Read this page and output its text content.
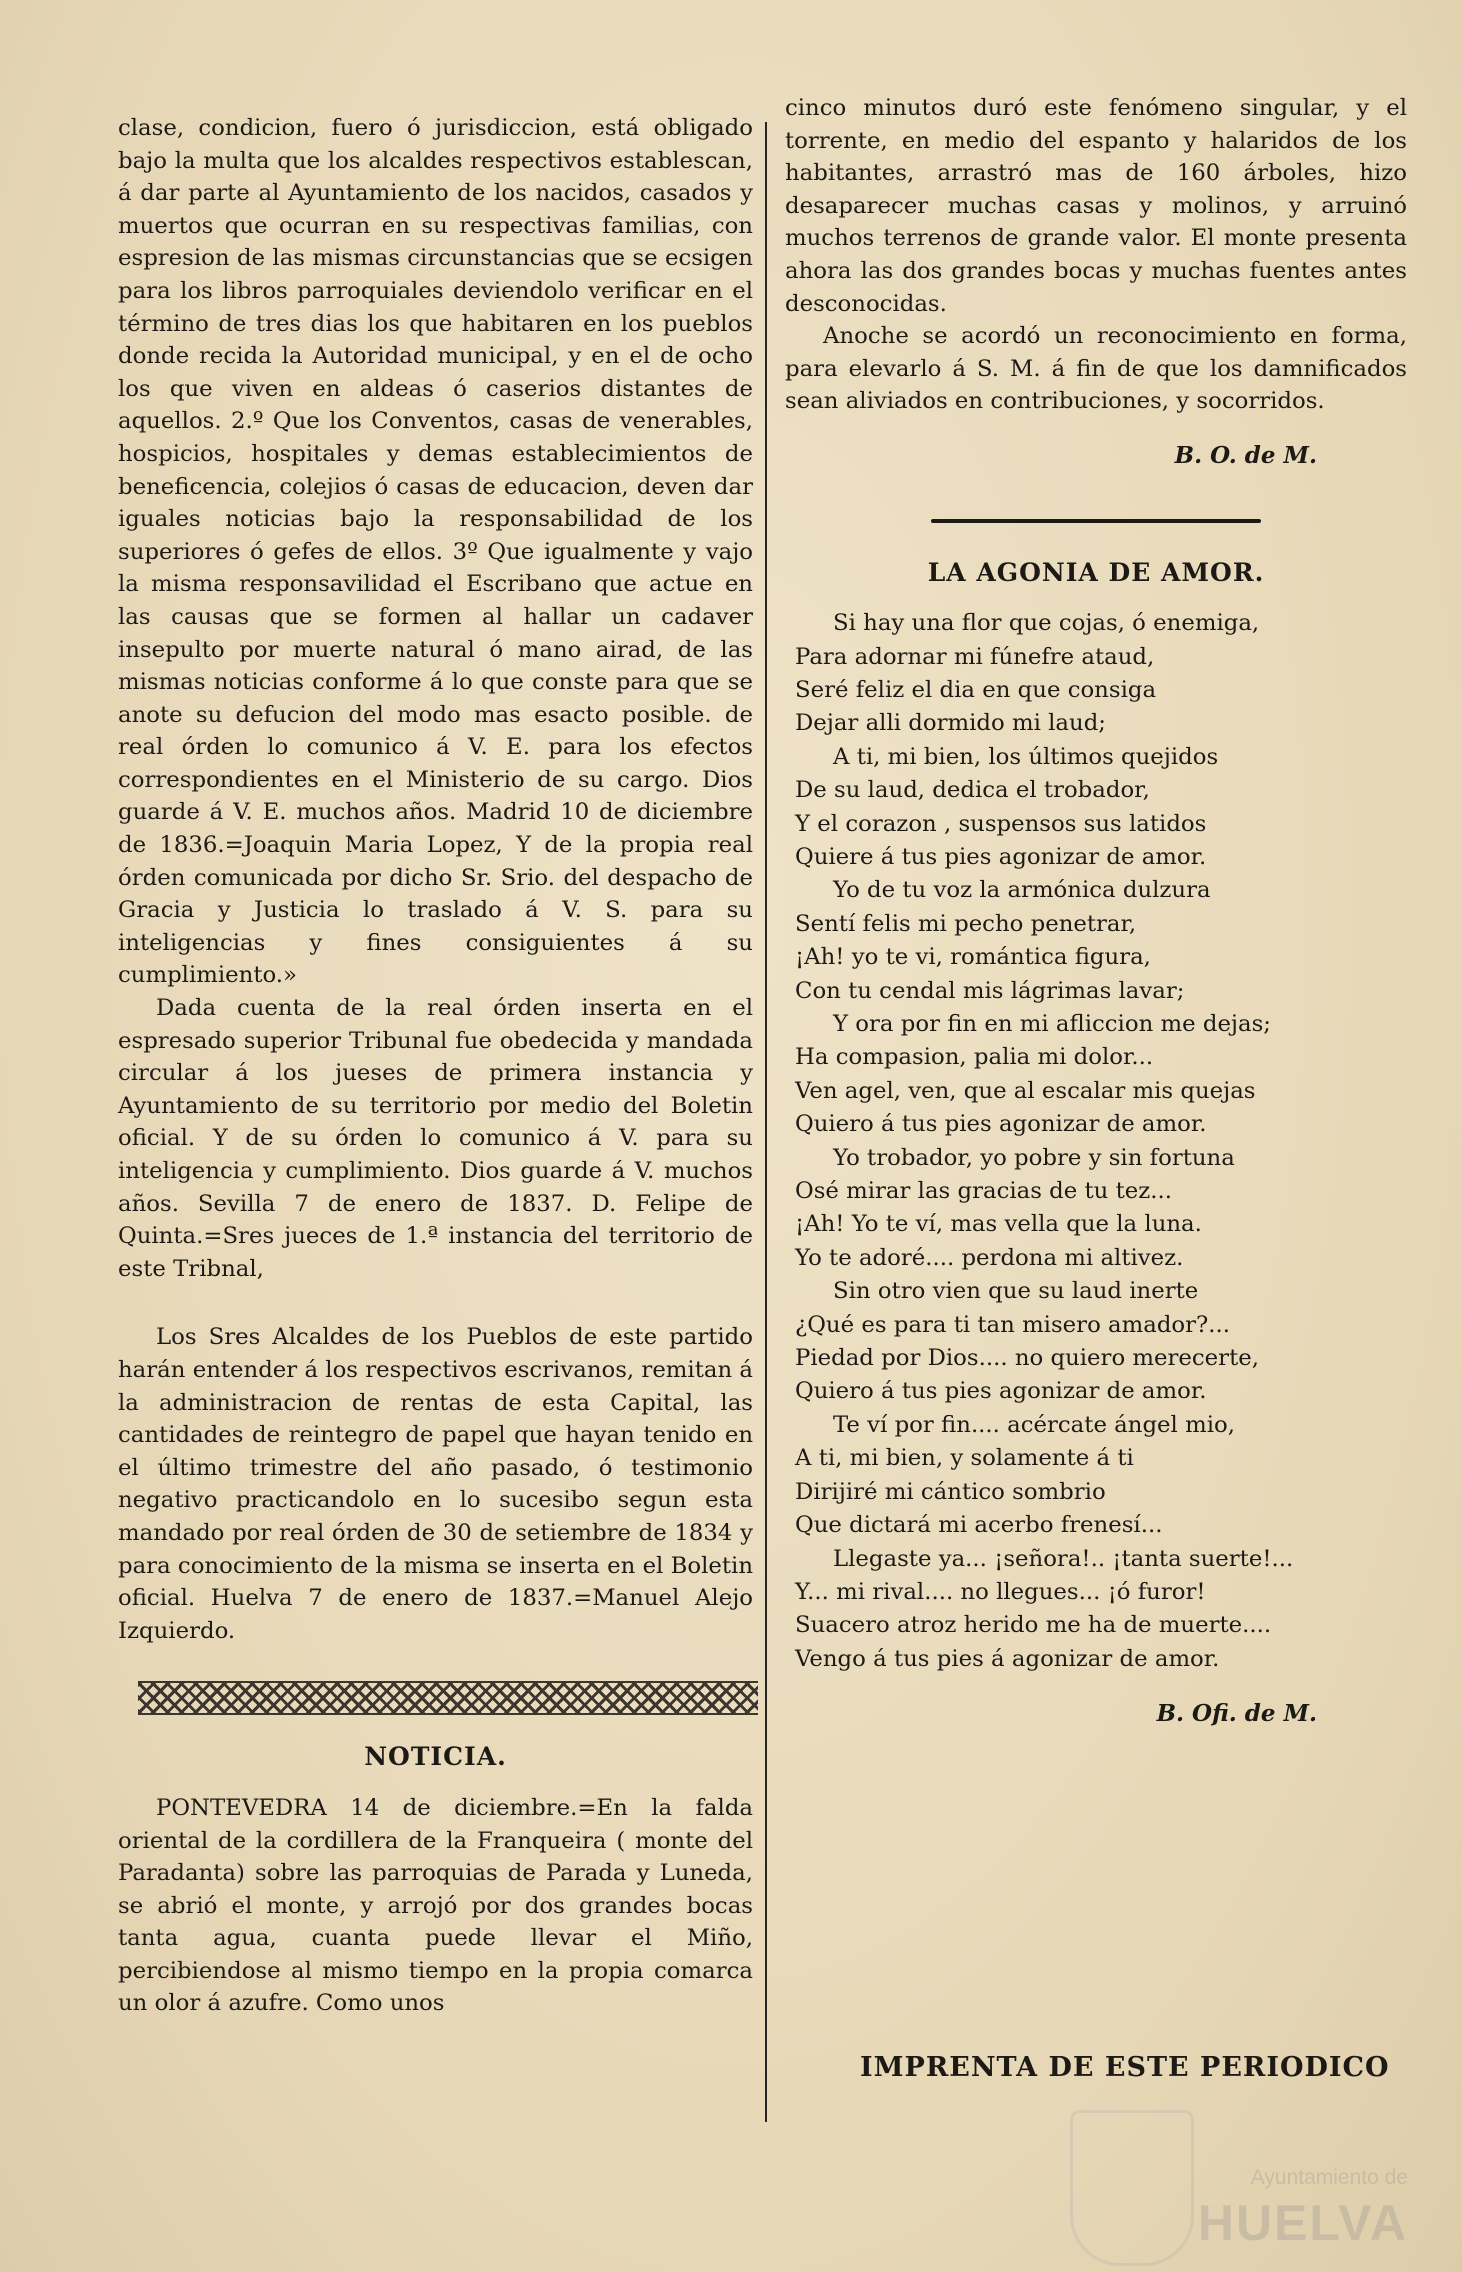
clase, condicion, fuero ó jurisdiccion, está obligado bajo la multa que los alcaldes respectivos establescan, á dar parte al Ayuntamiento de los nacidos, casados y muertos que ocurran en su respectivas familias, con espresion de las mismas circunstancias que se ecsigen para los libros parroquiales deviendolo verificar en el término de tres dias los que habitaren en los pueblos donde recida la Autoridad municipal, y en el de ocho los que viven en aldeas ó caserios distantes de aquellos. 2.º Que los Conventos, casas de venerables, hospicios, hospitales y demas establecimientos de beneficencia, colejios ó casas de educacion, deven dar iguales noticias bajo la responsabilidad de los superiores ó gefes de ellos. 3º Que igualmente y vajo la misma responsavilidad el Escribano que actue en las causas que se formen al hallar un cadaver insepulto por muerte natural ó mano airad, de las mismas noticias conforme á lo que conste para que se anote su defucion del modo mas esacto posible. de real órden lo comunico á V. E. para los efectos correspondientes en el Ministerio de su cargo. Dios guarde á V. E. muchos años. Madrid 10 de diciembre de 1836.=Joaquin Maria Lopez, Y de la propia real órden comunicada por dicho Sr. Srio. del despacho de Gracia y Justicia lo traslado á V. S. para su inteligencias y fines consiguientes á su cumplimiento.»

Dada cuenta de la real órden inserta en el espresado superior Tribunal fue obedecida y mandada circular á los jueses de primera instancia y Ayuntamiento de su territorio por medio del Boletin oficial. Y de su órden lo comunico á V. para su inteligencia y cumplimiento. Dios guarde á V. muchos años. Sevilla 7 de enero de 1837. D. Felipe de Quinta.=Sres jueces de 1.ª instancia del territorio de este Tribnal,

Los Sres Alcaldes de los Pueblos de este partido harán entender á los respectivos escrivanos, remitan á la administracion de rentas de esta Capital, las cantidades de reintegro de papel que hayan tenido en el último trimestre del año pasado, ó testimonio negativo practicandolo en lo sucesibo segun esta mandado por real órden de 30 de setiembre de 1834 y para conocimiento de la misma se inserta en el Boletin oficial. Huelva 7 de enero de 1837.=Manuel Alejo Izquierdo.

NOTICIA.

PONTEVEDRA 14 de diciembre.=En la falda oriental de la cordillera de la Franqueira ( monte del Paradanta) sobre las parroquias de Parada y Luneda, se abrió el monte, y arrojó por dos grandes bocas tanta agua, cuanta puede llevar el Miño, percibiendose al mismo tiempo en la propia comarca un olor á azufre. Como unos

cinco minutos duró este fenómeno singular, y el torrente, en medio del espanto y halaridos de los habitantes, arrastró mas de 160 árboles, hizo desaparecer muchas casas y molinos, y arruinó muchos terrenos de grande valor. El monte presenta ahora las dos grandes bocas y muchas fuentes antes desconocidas.

Anoche se acordó un reconocimiento en forma, para elevarlo á S. M. á fin de que los damnificados sean aliviados en contribuciones, y socorridos.

B. O. de M.
LA AGONIA DE AMOR.
Si hay una flor que cojas, ó enemiga,
Para adornar mi fúnefre ataud,
Seré feliz el dia en que consiga
Dejar alli dormido mi laud;
A ti, mi bien, los últimos quejidos
De su laud, dedica el trobador,
Y el corazon , suspensos sus latidos
Quiere á tus pies agonizar de amor.
Yo de tu voz la armónica dulzura
Sentí felis mi pecho penetrar,
¡Ah! yo te vi, romántica figura,
Con tu cendal mis lágrimas lavar;
Y ora por fin en mi afliccion me dejas;
Ha compasion, palia mi dolor...
Ven agel, ven, que al escalar mis quejas
Quiero á tus pies agonizar de amor.
Yo trobador, yo pobre y sin fortuna
Osé mirar las gracias de tu tez...
¡Ah! Yo te ví, mas vella que la luna.
Yo te adoré.... perdona mi altivez.
Sin otro vien que su laud inerte
¿Qué es para ti tan misero amador?...
Piedad por Dios.... no quiero merecerte,
Quiero á tus pies agonizar de amor.
Te ví por fin.... acércate ángel mio,
A ti, mi bien, y solamente á ti
Dirijiré mi cántico sombrio
Que dictará mi acerbo frenesí...
Llegaste ya... ¡señora!.. ¡tanta suerte!...
Y... mi rival.... no llegues... ¡ó furor!
Suacero atroz herido me ha de muerte....
Vengo á tus pies á agonizar de amor.
B. Ofi. de M.
IMPRENTA DE ESTE PERIODICO
Ayuntamiento de
HUELVA
